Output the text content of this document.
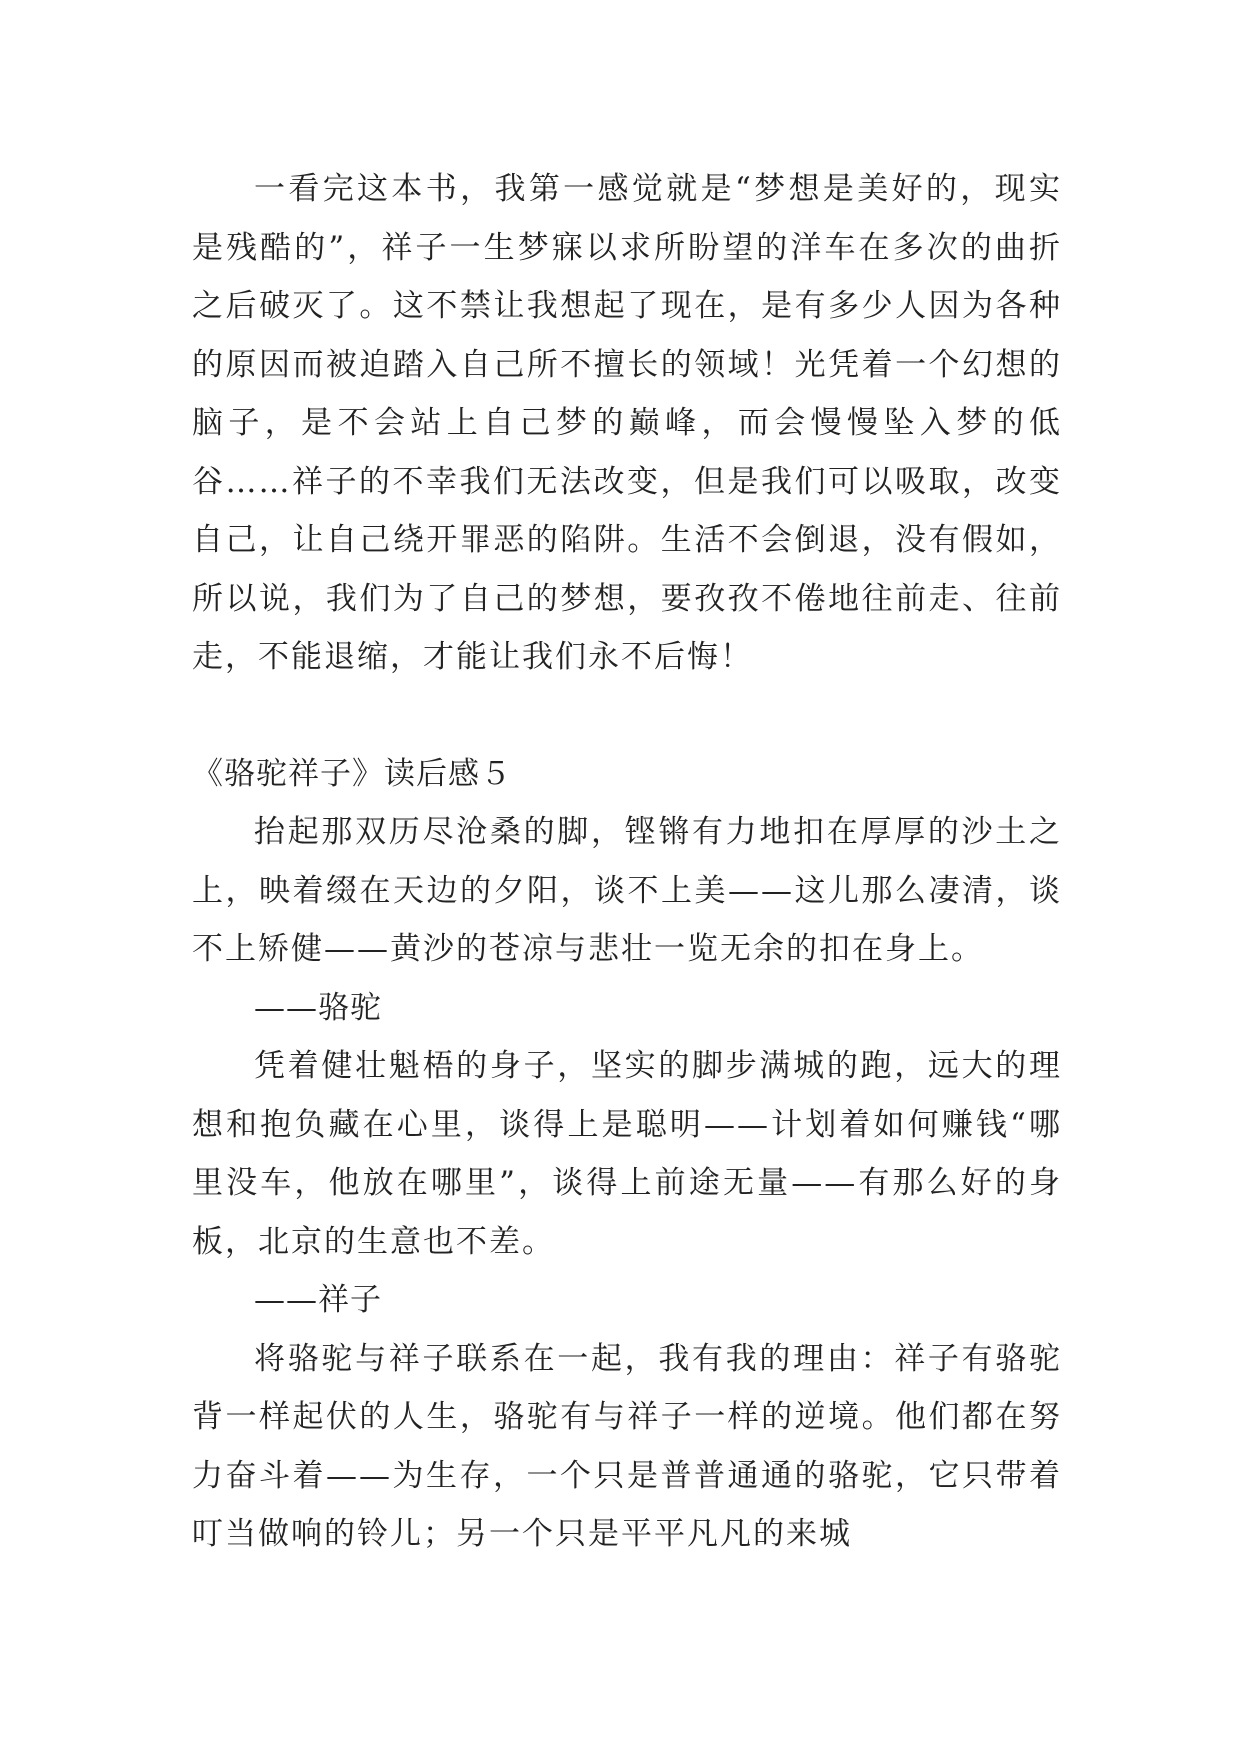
一看完这本书，我第一感觉就是“梦想是美好的，现实是残酷的”，祥子一生梦寐以求所盼望的洋车在多次的曲折之后破灭了。这不禁让我想起了现在，是有多少人因为各种的原因而被迫踏入自己所不擅长的领域！光凭着一个幻想的脑子，是不会站上自己梦的巅峰，而会慢慢坠入梦的低谷……祥子的不幸我们无法改变，但是我们可以吸取，改变自己，让自己绕开罪恶的陷阱。生活不会倒退，没有假如，所以说，我们为了自己的梦想，要孜孜不倦地往前走、往前走，不能退缩，才能让我们永不后悔！

《骆驼祥子》读后感５

抬起那双历尽沧桑的脚，铿锵有力地扣在厚厚的沙土之上，映着缀在天边的夕阳，谈不上美——这儿那么凄清，谈不上矫健——黄沙的苍凉与悲壮一览无余的扣在身上。

——骆驼

凭着健壮魁梧的身子，坚实的脚步满城的跑，远大的理想和抱负藏在心里，谈得上是聪明——计划着如何赚钱“哪里没车，他放在哪里”，谈得上前途无量——有那么好的身板，北京的生意也不差。

——祥子

将骆驼与祥子联系在一起，我有我的理由：祥子有骆驼背一样起伏的人生，骆驼有与祥子一样的逆境。他们都在努力奋斗着——为生存，一个只是普普通通的骆驼，它只带着叮当做响的铃儿；另一个只是平平凡凡的来城
